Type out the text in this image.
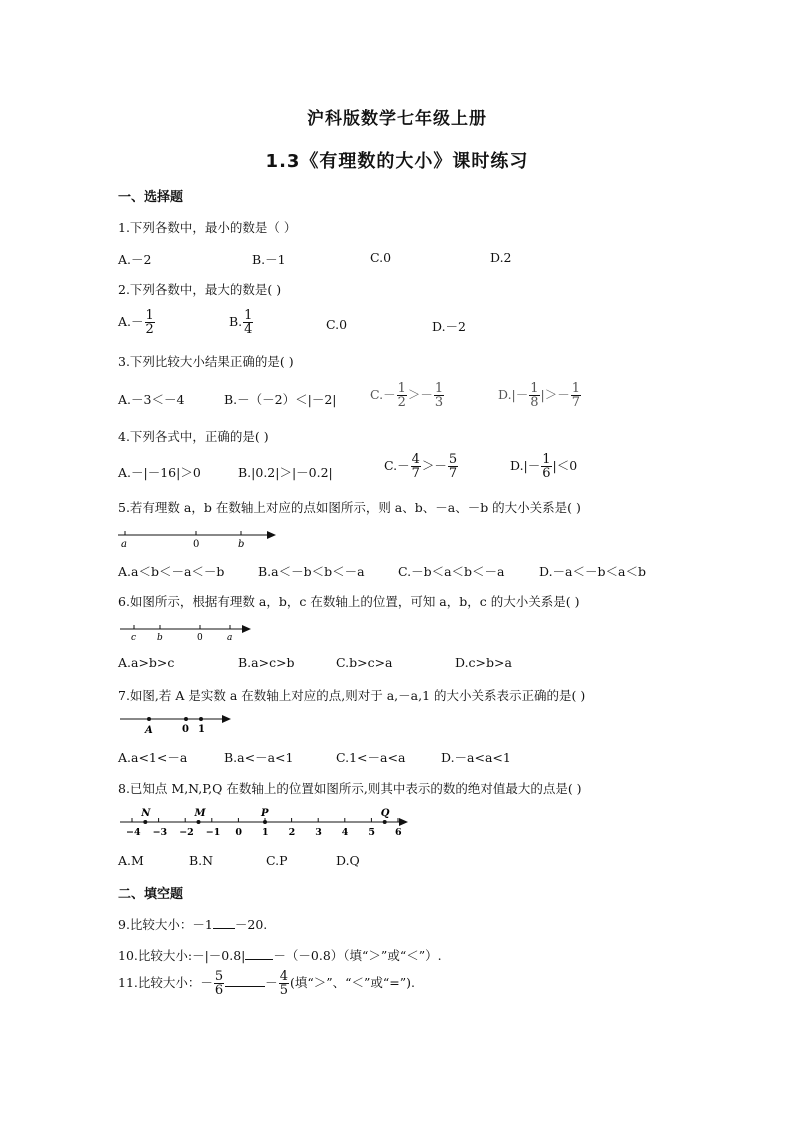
沪科版数学七年级上册
1.3《有理数的大小》课时练习
一、选择题
1.下列各数中，最小的数是（ ）
A.－2	B.－1	C.0	D.2
2.下列各数中，最大的数是( )
$A.- \frac{1}{2}$	B. $\frac{1}{4}$	C.0	D.－2
3.下列比较大小结果正确的是( )
A.－3＜－4	B.－（－2）＜|－2|	$C.- \frac{1}{2} >- \frac{1}{3}$	$D.|- \frac{1}{8}$ |＞－ $\frac{1}{7}$
4.下列各式中，正确的是( )
A.－|－16|＞0	B.|0.2|＞|－0.2|	$C.- \frac{4}{7} >- \frac{5}{7}$	$D.|- \frac{1}{6} |<0$
5.若有理数 a，b 在数轴上对应的点如图所示，则 a、b、－a、－b 的大小关系是( )
a	0	b
A.a＜b＜－a＜－b	B.a＜－b＜b＜－a	C.－b＜a＜b＜－a	D.－a＜－b＜a＜b
6.如图所示，根据有理数 a，b，c 在数轴上的位置，可知 a，b，c 的大小关系是( )
c b	0	a
A.a>b>c	B.a>c>b	C.b>c>a	D.c>b>a
7.如图,若 A 是实数 a 在数轴上对应的点,则对于 a,－a,1 的大小关系表示正确的是( )
A	0 1
A.a<1<－a	B.a<－a<1	C.1<－a<a	D.－a<a<1
8.已知点 M,N,P,Q 在数轴上的位置如图所示,则其中表示的数的绝对值最大的点是( )
−4 −3 −2 −1 0 1 2 3 4 5 6
N	M	P	Q
A.M	B.N	C.P	D.Q
二、填空题
9.比较大小：－1 －20.
10.比较大小:－|－0.8| －（－0.8）（填“＞”或“＜”）.
11.比较大小：－ $\frac{5}{6}$	－ $\frac{4}{5}$ (填“＞”、“＜”或“=”).
